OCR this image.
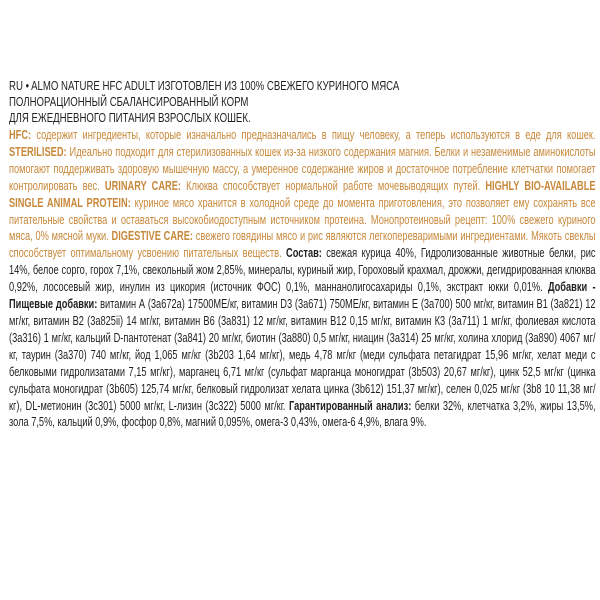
RU • ALMO NATURE HFC ADULT ИЗГОТОВЛЕН ИЗ 100% СВЕЖЕГО КУРИНОГО МЯСА
ПОЛНОРАЦИОННЫЙ СБАЛАНСИРОВАННЫЙ КОРМ
ДЛЯ ЕЖЕДНЕВНОГО ПИТАНИЯ ВЗРОСЛЫХ КОШЕК.
HFC: содержит ингредиенты, которые изначально предназначались в пищу человеку, а теперь используются в еде для кошек. STERILISED: Идеально подходит для стерилизованных кошек из-за низкого содержания магния. Белки и незаменимые аминокислоты помогают поддерживать здоровую мышечную массу, а умеренное содержание жиров и достаточное потребление клетчатки помогает контролировать вес. URINARY CARE: Клюква способствует нормальной работе мочевыводящих путей. HIGHLY BIO-AVAILABLE SINGLE ANIMAL PROTEIN: куриное мясо хранится в холодной среде до момента приготовления, это позволяет ему сохранять все питательные свойства и оставаться высокобиодоступным источником протеина. Монопротеиновый рецепт: 100% свежего куриного мяса, 0% мясной муки. DIGESTIVE CARE: свежего говядины мясо и рис являются легкопереваримыми ингредиентами. Мякоть свеклы способствует оптимальному усвоению питательных веществ. Состав: свежая курица 40%, Гидролизованные животные белки, рис 14%, белое сорго, горох 7,1%, свекольный жом 2,85%, минералы, куриный жир, Гороховый крахмал, дрожжи, дегидрированная клюква 0,92%, лососевый жир, инулин из цикория (источник ФОС) 0,1%, маннанолигосахариды 0,1%, экстракт юкки 0,01%. Добавки - Пищевые добавки: витамин А (3а672а) 17500МЕ/кг, витамин D3 (3а671) 750МЕ/кг, витамин Е (3а700) 500 мг/кг, витамин В1 (3а821) 12 мг/кг, витамин В2 (3а825ii) 14 мг/кг, витамин В6 (3а831) 12 мг/кг, витамин В12 0,15 мг/кг, витамин К3 (3а711) 1 мг/кг, фолиевая кислота (3а316) 1 мг/кг, кальций D-пантотенат (3а841) 20 мг/кг, биотин (3а880) 0,5 мг/кг, ниацин (3а314) 25 мг/кг, холина хлорид (3а890) 4067 мг/кг, таурин (3а370) 740 мг/кг, йод 1,065 мг/кг (3b203 1,64 мг/кг), медь 4,78 мг/кг (меди сульфата петагидрат 15,96 мг/кг, хелат меди с белковыми гидролизатами 7,15 мг/кг), марганец 6,71 мг/кг (сульфат марганца моногидрат (3b503) 20,67 мг/кг), цинк 52,5 мг/кг (цинка сульфата моногидрат (3b605) 125,74 мг/кг, белковый гидролизат хелата цинка (3b612) 151,37 мг/кг), селен 0,025 мг/кг (3b8 10 11,38 мг/кг), DL-метионин (3с301) 5000 мг/кг, L-лизин (3с322) 5000 мг/кг. Гарантированный анализ: белки 32%, клетчатка 3,2%, жиры 13,5%, зола 7,5%, кальций 0,9%, фосфор 0,8%, магний 0,095%, омега-3 0,43%, омега-6 4,9%, влага 9%.
